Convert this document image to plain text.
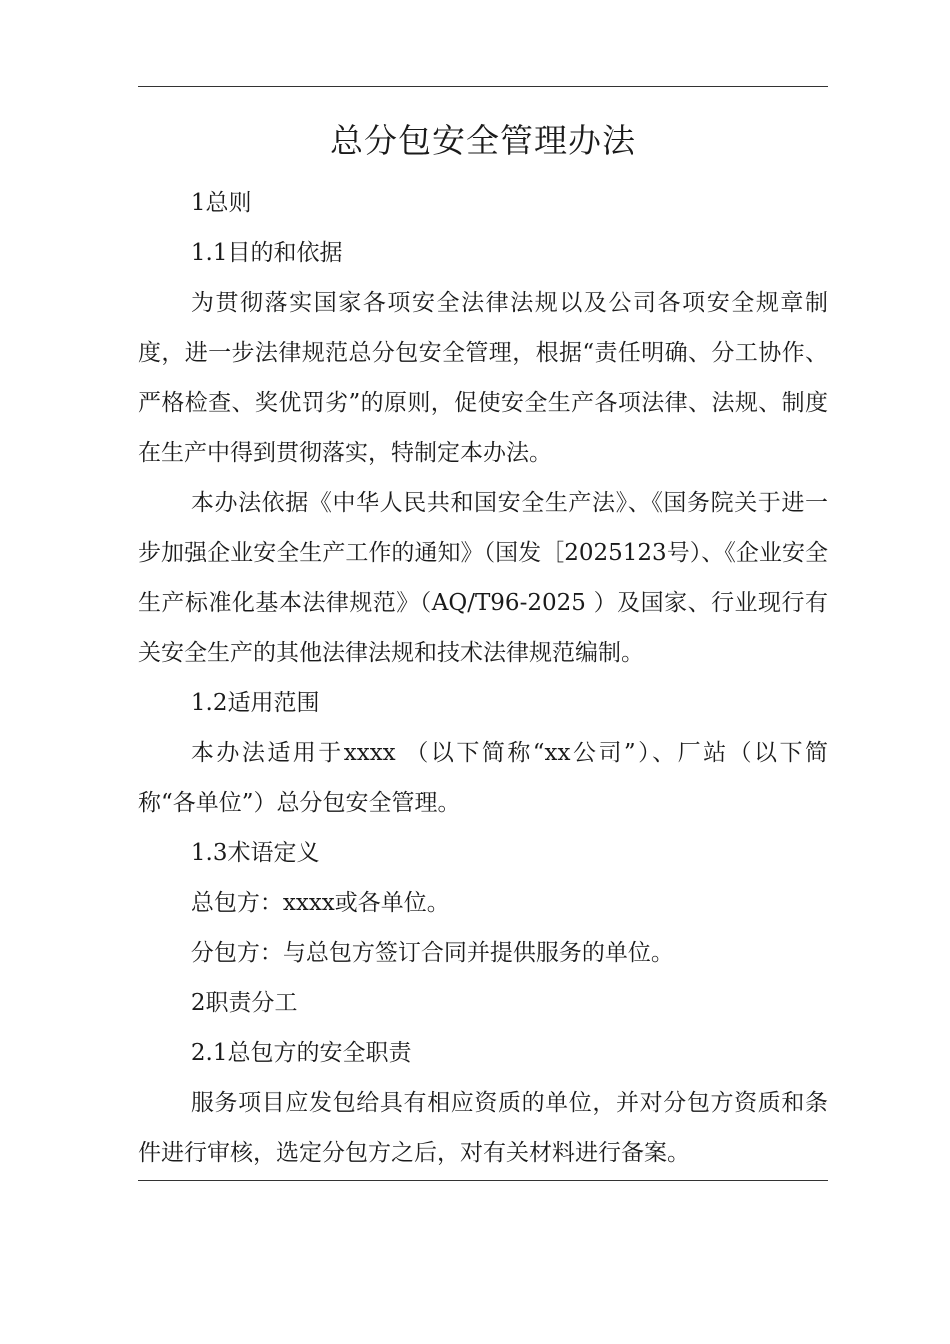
总分包安全管理办法

1总则

1.1目的和依据

为贯彻落实国家各项安全法律法规以及公司各项安全规章制度，进一步法律规范总分包安全管理，根据“责任明确、分工协作、严格检查、奖优罚劣”的原则，促使安全生产各项法律、法规、制度在生产中得到贯彻落实，特制定本办法。

本办法依据《中华人民共和国安全生产法》、《国务院关于进一步加强企业安全生产工作的通知》（国发［2025123号）、《企业安全生产标准化基本法律规范》（AQ/T96-2025 ）及国家、行业现行有关安全生产的其他法律法规和技术法律规范编制。

1.2适用范围

本办法适用于xxxx （以下简称“xx公司”）、厂站（以下简称“各单位”）总分包安全管理。

1.3术语定义

总包方：xxxx或各单位。

分包方：与总包方签订合同并提供服务的单位。

2职责分工

2.1总包方的安全职责

服务项目应发包给具有相应资质的单位，并对分包方资质和条件进行审核，选定分包方之后，对有关材料进行备案。
